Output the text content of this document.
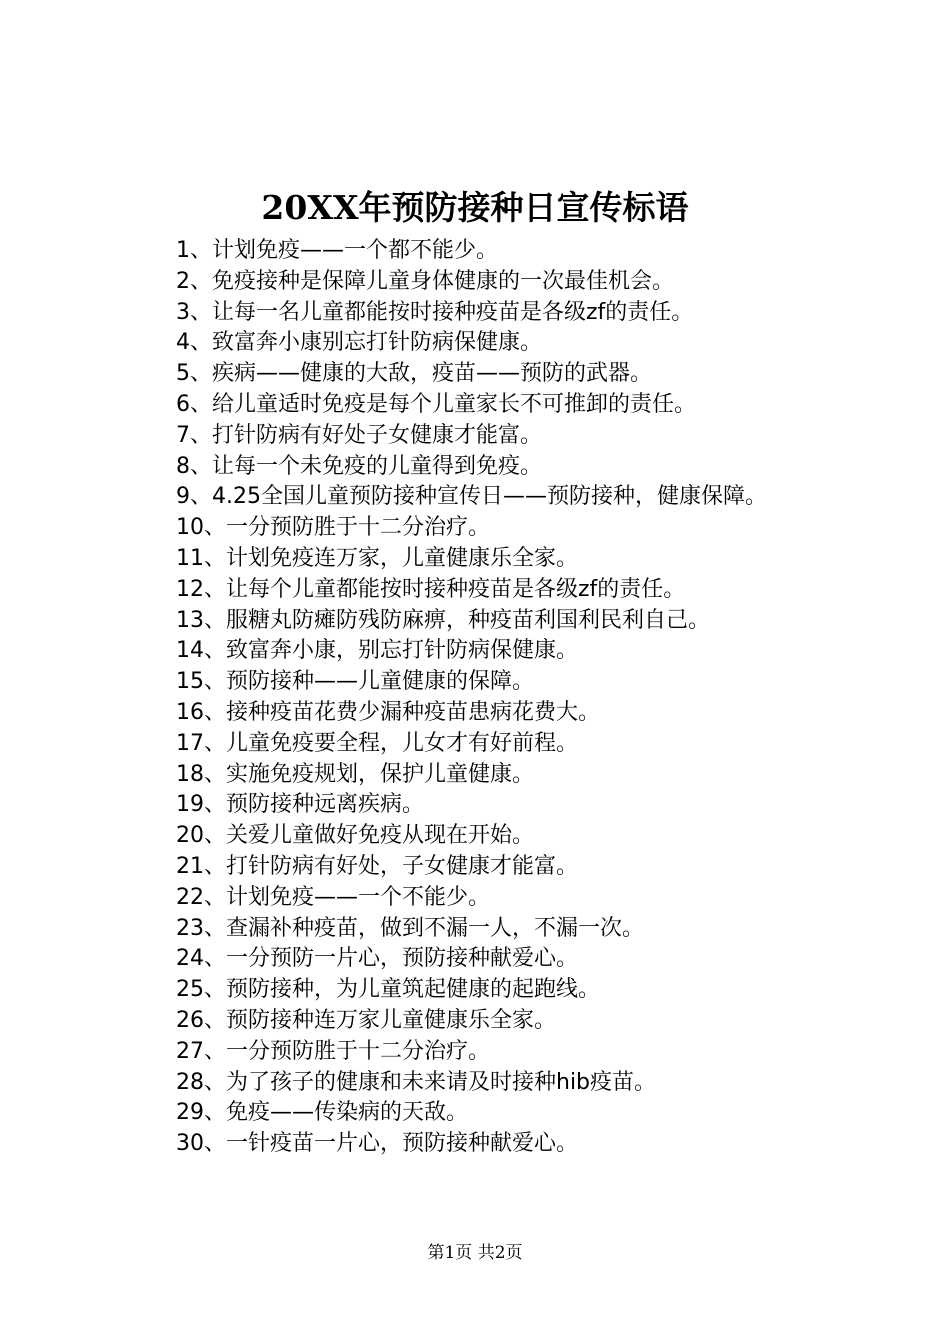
20XX年预防接种日宣传标语
1、计划免疫——一个都不能少。
2、免疫接种是保障儿童身体健康的一次最佳机会。
3、让每一名儿童都能按时接种疫苗是各级zf的责任。
4、致富奔小康别忘打针防病保健康。
5、疾病——健康的大敌，疫苗——预防的武器。
6、给儿童适时免疫是每个儿童家长不可推卸的责任。
7、打针防病有好处子女健康才能富。
8、让每一个未免疫的儿童得到免疫。
9、4.25全国儿童预防接种宣传日——预防接种，健康保障。
10、一分预防胜于十二分治疗。
11、计划免疫连万家，儿童健康乐全家。
12、让每个儿童都能按时接种疫苗是各级zf的责任。
13、服糖丸防瘫防残防麻痹，种疫苗利国利民利自己。
14、致富奔小康，别忘打针防病保健康。
15、预防接种——儿童健康的保障。
16、接种疫苗花费少漏种疫苗患病花费大。
17、儿童免疫要全程，儿女才有好前程。
18、实施免疫规划，保护儿童健康。
19、预防接种远离疾病。
20、关爱儿童做好免疫从现在开始。
21、打针防病有好处，子女健康才能富。
22、计划免疫——一个不能少。
23、查漏补种疫苗，做到不漏一人，不漏一次。
24、一分预防一片心，预防接种献爱心。
25、预防接种，为儿童筑起健康的起跑线。
26、预防接种连万家儿童健康乐全家。
27、一分预防胜于十二分治疗。
28、为了孩子的健康和未来请及时接种hib疫苗。
29、免疫——传染病的天敌。
30、一针疫苗一片心，预防接种献爱心。
第1页 共2页
